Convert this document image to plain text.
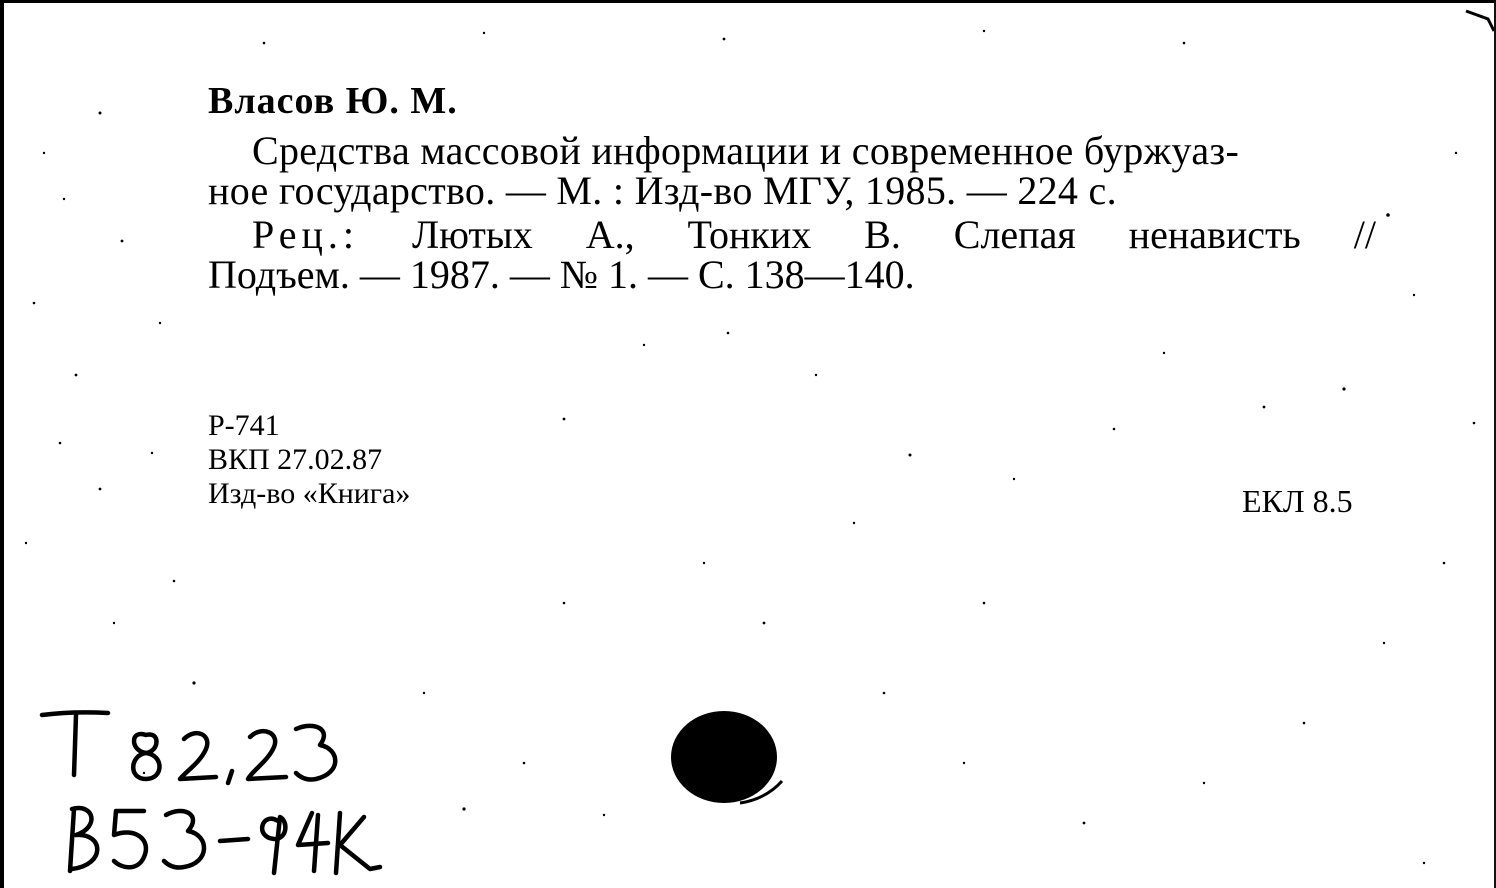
Власов Ю. М.
Средства массовой информации и современное буржуаз-
ное государство. — М. : Изд-во МГУ, 1985. — 224 с.
Рец.: Лютых А., Тонких В. Слепая ненависть //
Подъем. — 1987. — № 1. — С. 138—140.
Р-741
ВКП 27.02.87
Изд-во «Книга»	ЕКЛ 8.5
